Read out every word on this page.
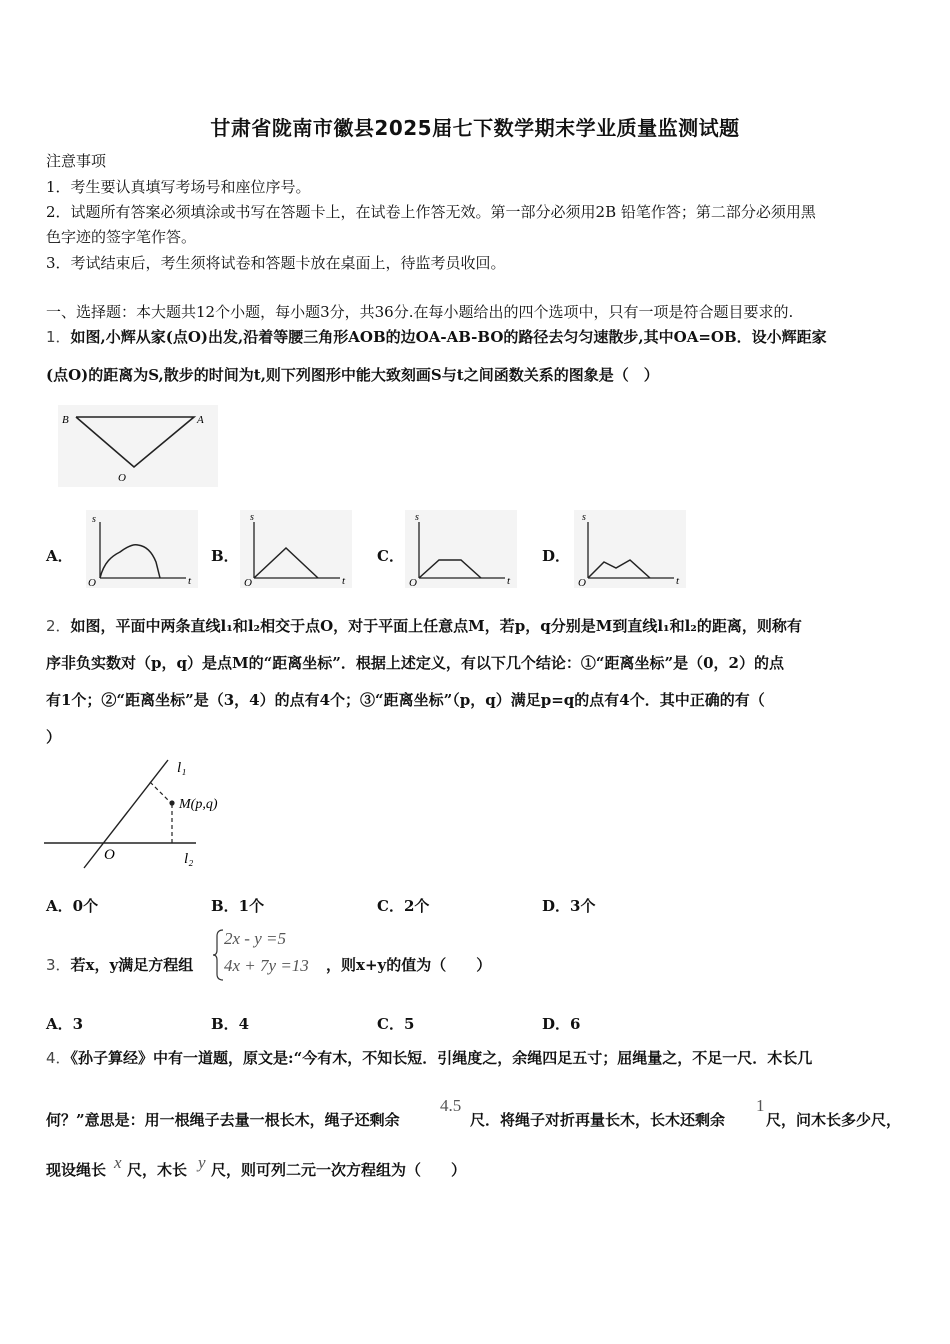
甘肃省陇南市徽县2025届七下数学期末学业质量监测试题
注意事项
1．考生要认真填写考场号和座位序号。
2．试题所有答案必须填涂或书写在答题卡上，在试卷上作答无效。第一部分必须用2B 铅笔作答；第二部分必须用黑
色字迹的签字笔作答。
3．考试结束后，考生须将试卷和答题卡放在桌面上，待监考员收回。
一、选择题：本大题共12个小题，每小题3分，共36分.在每小题给出的四个选项中，只有一项是符合题目要求的.
1．如图,小辉从家(点O)出发,沿着等腰三角形AOB的边OA-AB-BO的路径去匀匀速散步,其中OA=OB．设小辉距家
(点O)的距离为S,散步的时间为t,则下列图形中能大致刻画S与t之间函数关系的图象是（　）
B	A
O
A．
s
O	t
B．
s
O	t
C．
s
O	t
D．
s
O	t
2．如图，平面中两条直线l₁和l₂相交于点O，对于平面上任意点M，若p，q分别是M到直线l₁和l₂的距离，则称有
序非负实数对（p，q）是点M的“距离坐标”．根据上述定义，有以下几个结论：①“距离坐标”是（0，2）的点
有1个；②“距离坐标”是（3，4）的点有4个；③“距离坐标”（p，q）满足p=q的点有4个．其中正确的有（
）
l₁
M(p,q)
O	l₂
A．0个	B．1个	C．2个	D．3个
3．若x，y满足方程组
2x - y =5
4x + 7y =13 ，则x+y的值为（　　）
A．3	B．4	C．5	D．6
4．《孙子算经》中有一道题，原文是:“今有木，不知长短．引绳度之，余绳四足五寸；屈绳量之，不足一尺．木长几
何？”意思是：用一根绳子去量一根长木，绳子还剩余
4.5
尺．将绳子对折再量长木，长木还剩余
1
尺，问木长多少尺，
现设绳长 x 尺，木长 y 尺，则可列二元一次方程组为（　　）
